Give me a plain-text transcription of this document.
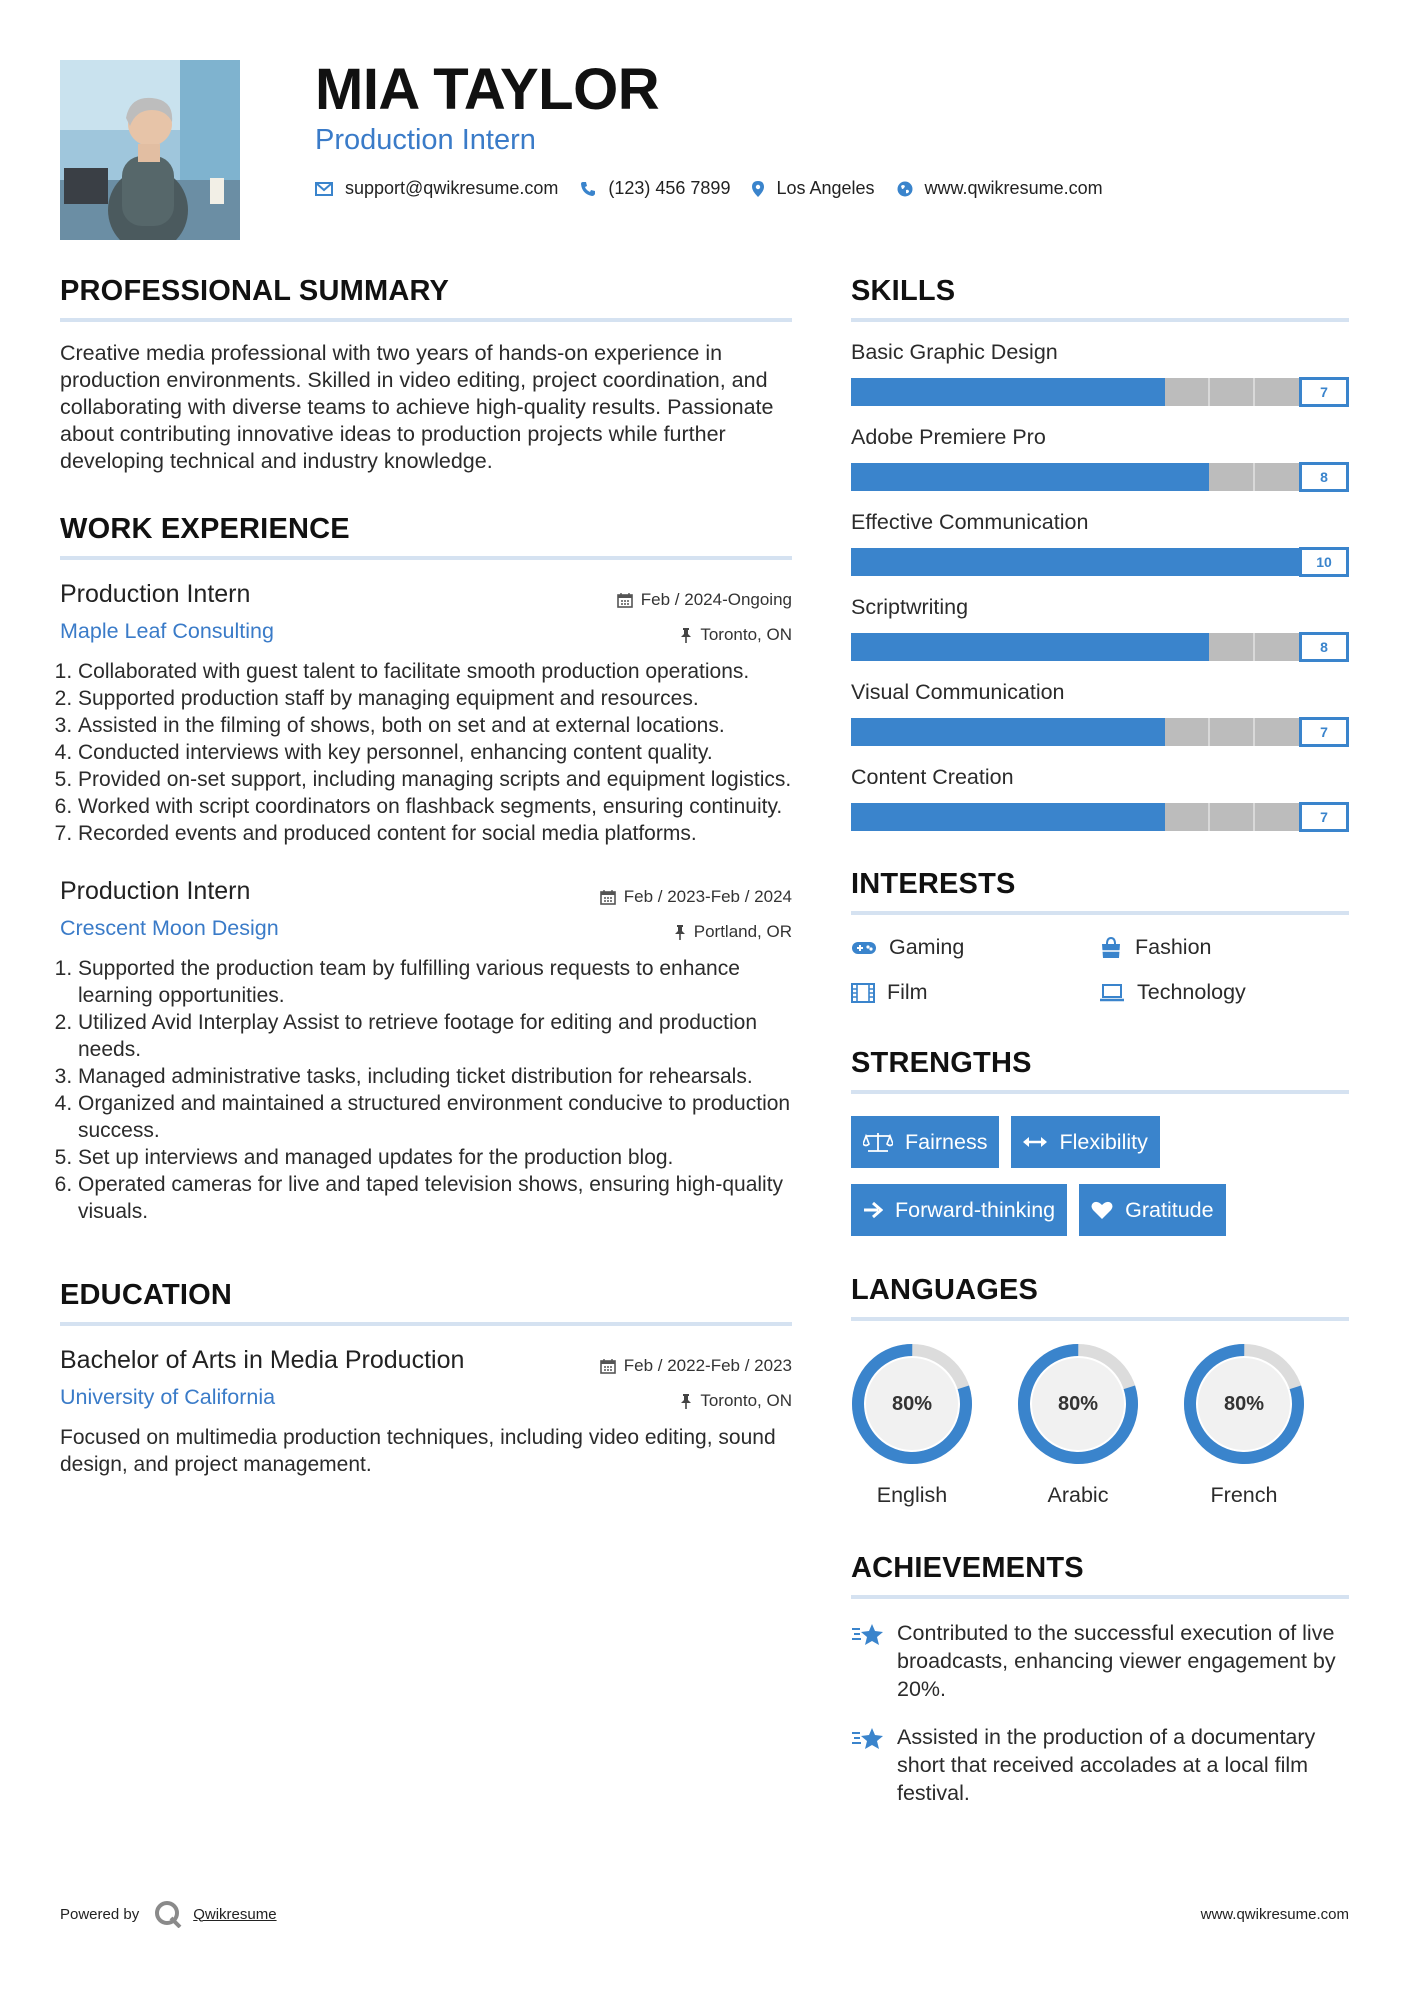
MIA TAYLOR
Production Intern
support@qwikresume.com	(123) 456 7899	Los Angeles	www.qwikresume.com
PROFESSIONAL SUMMARY

Creative media professional with two years of hands-on experience in production environments. Skilled in video editing, project coordination, and collaborating with diverse teams to achieve high-quality results. Passionate about contributing innovative ideas to production projects while further developing technical and industry knowledge.

WORK EXPERIENCE
Production Intern
Maple Leaf Consulting
Feb / 2024-Ongoing
Toronto, ON
1. Collaborated with guest talent to facilitate smooth production operations.
2. Supported production staff by managing equipment and resources.
3. Assisted in the filming of shows, both on set and at external locations.
4. Conducted interviews with key personnel, enhancing content quality.
5. Provided on-set support, including managing scripts and equipment logistics.
6. Worked with script coordinators on flashback segments, ensuring continuity.
7. Recorded events and produced content for social media platforms.
Production Intern
Crescent Moon Design
Feb / 2023-Feb / 2024
Portland, OR
1. Supported the production team by fulfilling various requests to enhance learning opportunities.
2. Utilized Avid Interplay Assist to retrieve footage for editing and production needs.
3. Managed administrative tasks, including ticket distribution for rehearsals.
4. Organized and maintained a structured environment conducive to production success.
5. Set up interviews and managed updates for the production blog.
6. Operated cameras for live and taped television shows, ensuring high-quality visuals.
EDUCATION
Bachelor of Arts in Media Production
University of California
Feb / 2022-Feb / 2023
Toronto, ON

Focused on multimedia production techniques, including video editing, sound design, and project management.

SKILLS
Basic Graphic Design
7
Adobe Premiere Pro
8
Effective Communication
10
Scriptwriting
8
Visual Communication
7
Content Creation
7
INTERESTS
Gaming	Fashion
Film	Technology
STRENGTHS
Fairness	Flexibility
Forward-thinking	Gratitude
LANGUAGES
80%
English
80%
Arabic
80%
French
ACHIEVEMENTS
Contributed to the successful execution of live broadcasts, enhancing viewer engagement by 20%.
Assisted in the production of a documentary short that received accolades at a local film festival.
Powered by	Qwikresume	www.qwikresume.com
